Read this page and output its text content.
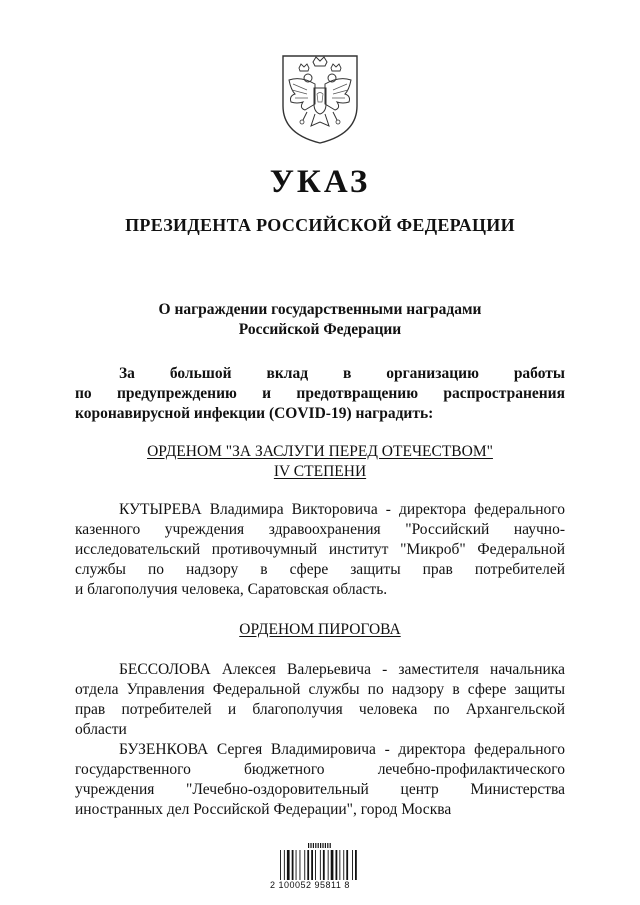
УКАЗ
ПРЕЗИДЕНТА РОССИЙСКОЙ ФЕДЕРАЦИИ
О награждении государственными наградами
Российской Федерации
За большой вклад в организацию работы
по предупреждению и предотвращению распространения
коронавирусной инфекции (COVID-19) наградить:
ОРДЕНОМ "ЗА ЗАСЛУГИ ПЕРЕД ОТЕЧЕСТВОМ"
IV СТЕПЕНИ
КУТЫРЕВА Владимира Викторовича - директора федерального
казенного учреждения здравоохранения "Российский научно-
исследовательский противочумный институт "Микроб" Федеральной
службы по надзору в сфере защиты прав потребителей
и благополучия человека, Саратовская область.
ОРДЕНОМ ПИРОГОВА
БЕССОЛОВА Алексея Валерьевича - заместителя начальника
отдела Управления Федеральной службы по надзору в сфере защиты
прав потребителей и благополучия человека по Архангельской
области
БУЗЕНКОВА Сергея Владимировича - директора федерального
государственного бюджетного лечебно-профилактического
учреждения "Лечебно-оздоровительный центр Министерства
иностранных дел Российской Федерации", город Москва
2 100052 95811 8
